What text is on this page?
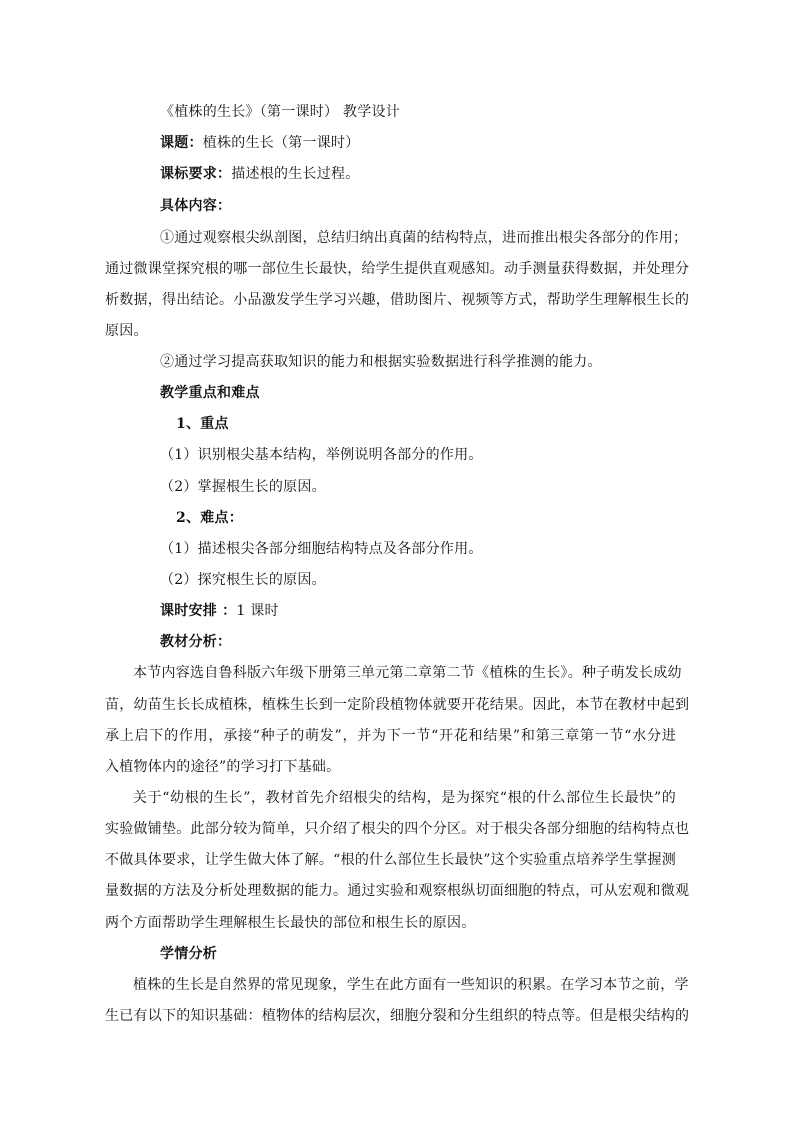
《植株的生长》（第一课时） 教学设计
课题：植株的生长（第一课时）
课标要求：描述根的生长过程。
具体内容：
①通过观察根尖纵剖图，总结归纳出真菌的结构特点，进而推出根尖各部分的作用；
通过微课堂探究根的哪一部位生长最快，给学生提供直观感知。动手测量获得数据，并处理分
析数据，得出结论。小品激发学生学习兴趣，借助图片、视频等方式，帮助学生理解根生长的
原因。
②通过学习提高获取知识的能力和根据实验数据进行科学推测的能力。
教学重点和难点
1、重点
（1）识别根尖基本结构，举例说明各部分的作用。
（2）掌握根生长的原因。
2、难点：
（1）描述根尖各部分细胞结构特点及各部分作用。
（2）探究根生长的原因。
课时安排 ：1 课时
教材分析：
本节内容选自鲁科版六年级下册第三单元第二章第二节《植株的生长》。种子萌发长成幼
苗，幼苗生长长成植株，植株生长到一定阶段植物体就要开花结果。因此，本节在教材中起到
承上启下的作用，承接“种子的萌发”，并为下一节“开花和结果”和第三章第一节“水分进
入植物体内的途径”的学习打下基础。
关于“幼根的生长”，教材首先介绍根尖的结构，是为探究“根的什么部位生长最快”的
实验做铺垫。此部分较为简单，只介绍了根尖的四个分区。对于根尖各部分细胞的结构特点也
不做具体要求，让学生做大体了解。“根的什么部位生长最快”这个实验重点培养学生掌握测
量数据的方法及分析处理数据的能力。通过实验和观察根纵切面细胞的特点，可从宏观和微观
两个方面帮助学生理解根生长最快的部位和根生长的原因。
学情分析
植株的生长是自然界的常见现象，学生在此方面有一些知识的积累。在学习本节之前，学
生已有以下的知识基础：植物体的结构层次，细胞分裂和分生组织的特点等。但是根尖结构的
